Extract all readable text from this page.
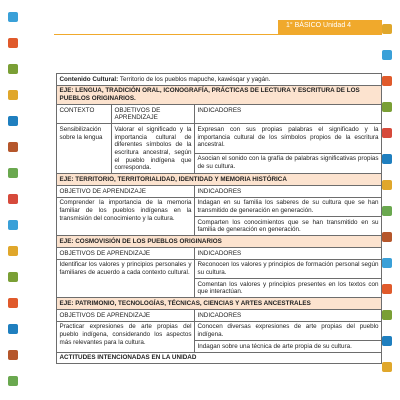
1° BÁSICO Unidad 4
Contenido Cultural: Territorio de los pueblos mapuche, kawésqar y yagán.		
EJE: LENGUA, TRADICIÓN ORAL, ICONOGRAFÍA, PRÁCTICAS DE LECTURA Y ESCRITURA DE LOS PUEBLOS ORIGINARIOS.		
CONTEXTO	OBJETIVOS DE APRENDIZAJE	INDICADORES
Sensibilización sobre la lengua	Valorar el significado y la importancia cultural de diferentes símbolos de la escritura ancestral, según el pueblo indígena que corresponda.	Expresan con sus propias palabras el significado y la importancia cultural de los símbolos propios de la escritura ancestral.
		Asocian el sonido con la grafía de palabras significativas propias de su cultura.
EJE: TERRITORIO, TERRITORIALIDAD, IDENTIDAD Y MEMORIA HISTÓRICA		
OBJETIVO DE APRENDIZAJE		INDICADORES
Comprender la importancia de la memoria familiar de los pueblos indígenas en la transmisión del conocimiento y la cultura.		Indagan en su familia los saberes de su cultura que se han transmitido de generación en generación.
		Comparten los conocimientos que se han transmitido en su familia de generación en generación.
EJE: COSMOVISIÓN DE LOS PUEBLOS ORIGINARIOS		
OBJETIVOS DE APRENDIZAJE		INDICADORES
Identificar los valores y principios personales y familiares de acuerdo a cada contexto cultural.		Reconocen los valores y principios de formación personal según su cultura.
		Comentan los valores y principios presentes en los textos con que interactúan.
EJE: PATRIMONIO, TECNOLOGÍAS, TÉCNICAS, CIENCIAS Y ARTES ANCESTRALES		
OBJETIVOS DE APRENDIZAJE		INDICADORES
Practicar expresiones de arte propias del pueblo indígena, considerando los aspectos más relevantes para la cultura.		Conocen diversas expresiones de arte propias del pueblo indígena.
		Indagan sobre una técnica de arte propia de su cultura.
ACTITUDES INTENCIONADAS EN LA UNIDAD		
